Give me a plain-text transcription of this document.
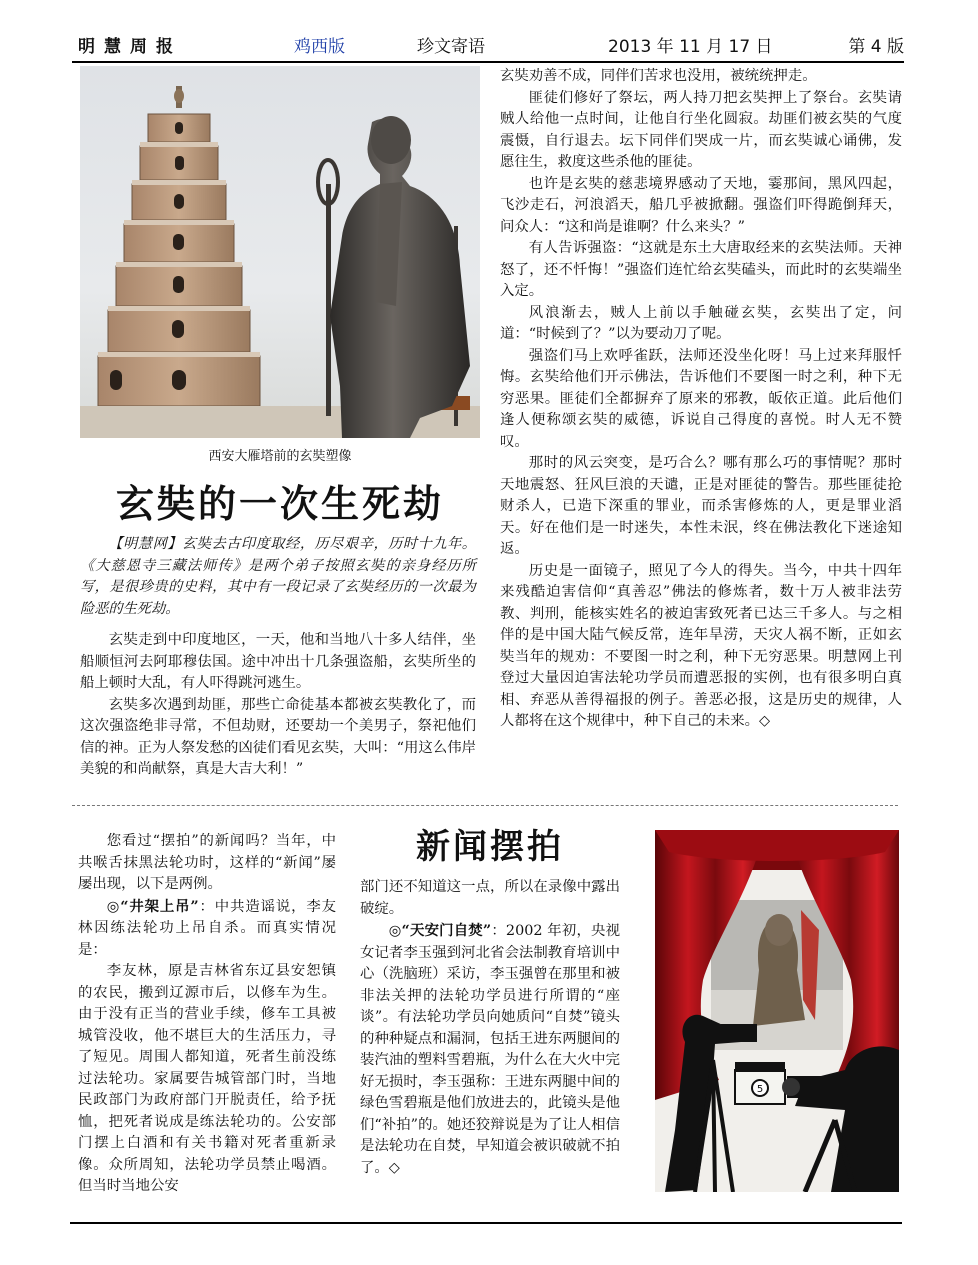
明慧周报	鸡西版	珍文寄语	2013 年 11 月 17 日	第 4 版
西安大雁塔前的玄奘塑像
玄奘的一次生死劫

【明慧网】玄奘去古印度取经，历尽艰辛，历时十九年。《大慈恩寺三藏法师传》是两个弟子按照玄奘的亲身经历所写，是很珍贵的史料，其中有一段记录了玄奘经历的一次最为险恶的生死劫。

玄奘走到中印度地区，一天，他和当地八十多人结伴，坐船顺恒河去阿耶穆佉国。途中冲出十几条强盗船，玄奘所坐的船上顿时大乱，有人吓得跳河逃生。

玄奘多次遇到劫匪，那些亡命徒基本都被玄奘教化了，而这次强盗绝非寻常，不但劫财，还要劫一个美男子，祭祀他们信的神。正为人祭发愁的凶徒们看见玄奘，大叫：“用这么伟岸美貌的和尚献祭，真是大吉大利！”

玄奘劝善不成，同伴们苦求也没用，被统统押走。

匪徒们修好了祭坛，两人持刀把玄奘押上了祭台。玄奘请贼人给他一点时间，让他自行坐化圆寂。劫匪们被玄奘的气度震慑，自行退去。坛下同伴们哭成一片，而玄奘诚心诵佛，发愿往生，救度这些杀他的匪徒。

也许是玄奘的慈悲境界感动了天地，霎那间，黑风四起，飞沙走石，河浪滔天，船几乎被掀翻。强盗们吓得跪倒拜天，问众人：“这和尚是谁啊？什么来头？”

有人告诉强盗：“这就是东土大唐取经来的玄奘法师。天神怒了，还不忏悔！”强盗们连忙给玄奘磕头，而此时的玄奘端坐入定。

风浪渐去，贼人上前以手触碰玄奘，玄奘出了定，问道：“时候到了？”以为要动刀了呢。

强盗们马上欢呼雀跃，法师还没坐化呀！马上过来拜服忏悔。玄奘给他们开示佛法，告诉他们不要图一时之利，种下无穷恶果。匪徒们全都摒弃了原来的邪教，皈依正道。此后他们逢人便称颂玄奘的威德，诉说自己得度的喜悦。时人无不赞叹。

那时的风云突变，是巧合么？哪有那么巧的事情呢？那时天地震怒、狂风巨浪的天谴，正是对匪徒的警告。那些匪徒抢财杀人，已造下深重的罪业，而杀害修炼的人，更是罪业滔天。好在他们是一时迷失，本性未泯，终在佛法教化下迷途知返。

历史是一面镜子，照见了今人的得失。当今，中共十四年来残酷迫害信仰“真善忍”佛法的修炼者，数十万人被非法劳教、判刑，能核实姓名的被迫害致死者已达三千多人。与之相伴的是中国大陆气候反常，连年旱涝，天灾人祸不断，正如玄奘当年的规劝：不要图一时之利，种下无穷恶果。明慧网上刊登过大量因迫害法轮功学员而遭恶报的实例，也有很多明白真相、弃恶从善得福报的例子。善恶必报，这是历史的规律，人人都将在这个规律中，种下自己的未来。◇

新闻摆拍

您看过“摆拍”的新闻吗？当年，中共喉舌抹黑法轮功时，这样的“新闻”屡屡出现，以下是两例。

◎“井架上吊”：中共造谣说，李友林因练法轮功上吊自杀。而真实情况是：

李友林，原是吉林省东辽县安恕镇的农民，搬到辽源市后，以修车为生。由于没有正当的营业手续，修车工具被城管没收，他不堪巨大的生活压力，寻了短见。周围人都知道，死者生前没练过法轮功。家属要告城管部门时，当地民政部门为政府部门开脱责任，给予抚恤，把死者说成是练法轮功的。公安部门摆上白酒和有关书籍对死者重新录像。众所周知，法轮功学员禁止喝酒。但当时当地公安

部门还不知道这一点，所以在录像中露出破绽。

◎“天安门自焚”：2002 年初，央视女记者李玉强到河北省会法制教育培训中心（洗脑班）采访，李玉强曾在那里和被非法关押的法轮功学员进行所谓的“座谈”。有法轮功学员向她质问“自焚”镜头的种种疑点和漏洞，包括王进东两腿间的装汽油的塑料雪碧瓶，为什么在大火中完好无损时，李玉强称：王进东两腿中间的绿色雪碧瓶是他们放进去的，此镜头是他们“补拍”的。她还狡辩说是为了让人相信是法轮功在自焚，早知道会被识破就不拍了。◇

5
